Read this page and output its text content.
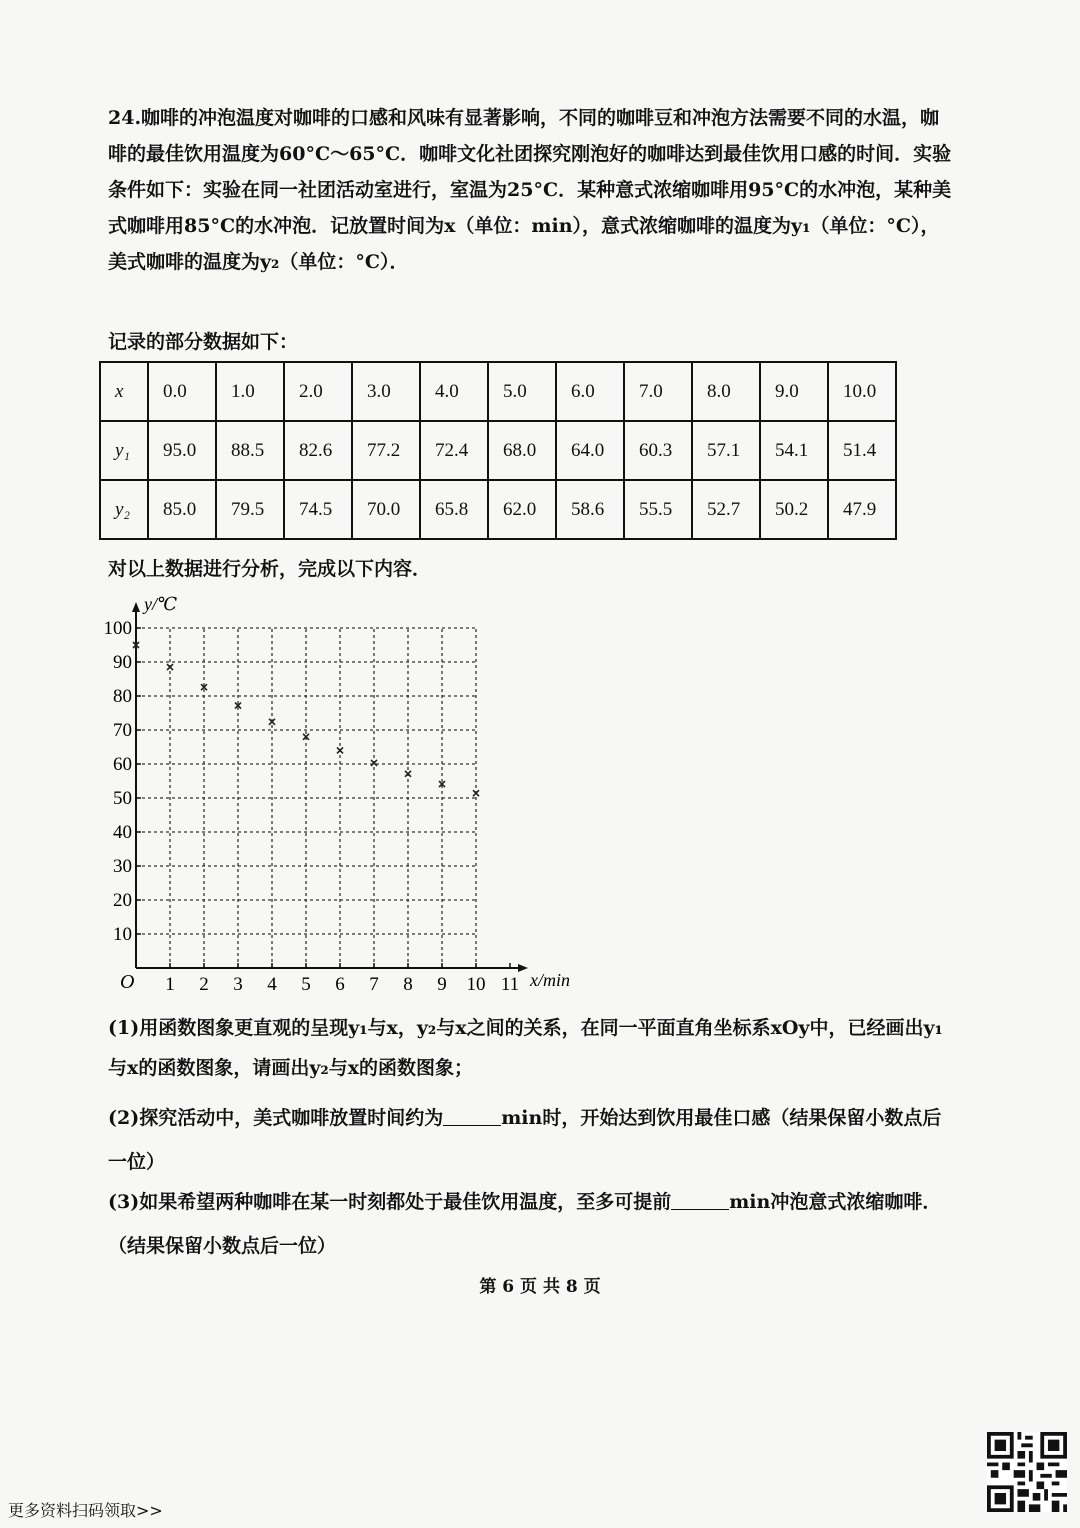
24.咖啡的冲泡温度对咖啡的口感和风味有显著影响，不同的咖啡豆和冲泡方法需要不同的水温，咖啡的最佳饮用温度为60°C～65°C．咖啡文化社团探究刚泡好的咖啡达到最佳饮用口感的时间．实验条件如下：实验在同一社团活动室进行，室温为25°C．某种意式浓缩咖啡用95°C的水冲泡，某种美式咖啡用85°C的水冲泡．记放置时间为x（单位：min），意式浓缩咖啡的温度为y₁（单位：°C），美式咖啡的温度为y₂（单位：°C）．
记录的部分数据如下：
x	0.0	1.0	2.0	3.0	4.0	5.0	6.0	7.0	8.0	9.0	10.0
y₁	95.0	88.5	82.6	77.2	72.4	68.0	64.0	60.3	57.1	54.1	51.4
y₂	85.0	79.5	74.5	70.0	65.8	62.0	58.6	55.5	52.7	50.2	47.9
对以上数据进行分析，完成以下内容．
1 2 3 4 5 6 7 8 9 10 11
10
20
30
40
50
60
70
80
90
100
y/℃
x/min
O
(1)用函数图象更直观的呈现y₁与x，y₂与x之间的关系，在同一平面直角坐标系xOy中，已经画出y₁与x的函数图象，请画出y₂与x的函数图象；
(2)探究活动中，美式咖啡放置时间约为	min时，开始达到饮用最佳口感（结果保留小数点后一位）
(3)如果希望两种咖啡在某一时刻都处于最佳饮用温度，至多可提前	min冲泡意式浓缩咖啡．（结果保留小数点后一位）
第 6 页 共 8 页
更多资料扫码领取>>
